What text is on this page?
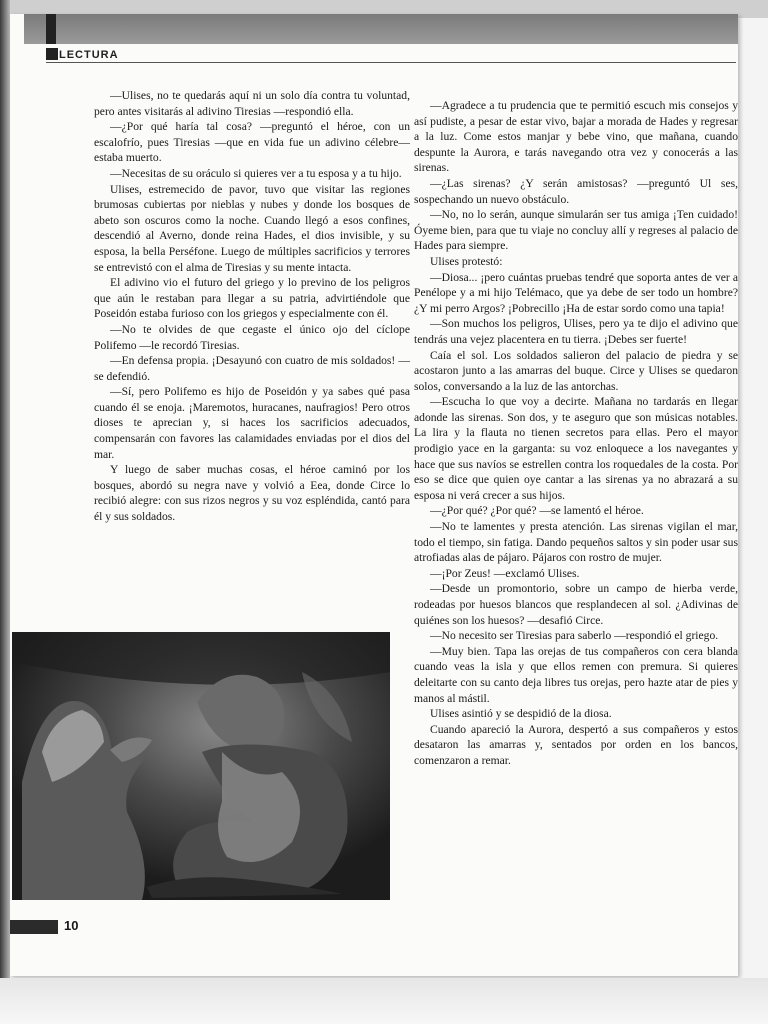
LECTURA

—Ulises, no te quedarás aquí ni un solo día contra tu voluntad, pero antes visitarás al adivino Tiresias —respondió ella.

—¿Por qué haría tal cosa? —preguntó el héroe, con un escalofrío, pues Tiresias —que en vida fue un adivino célebre— estaba muerto.

—Necesitas de su oráculo si quieres ver a tu esposa y a tu hijo.

Ulises, estremecido de pavor, tuvo que visitar las regiones brumosas cubiertas por nieblas y nubes y donde los bosques de abeto son oscuros como la noche. Cuando llegó a esos confines, descendió al Averno, donde reina Hades, el dios invisible, y su esposa, la bella Perséfone. Luego de múltiples sacrificios y terrores se entrevistó con el alma de Tiresias y su mente intacta.

El adivino vio el futuro del griego y lo previno de los peligros que aún le restaban para llegar a su patria, advirtiéndole que Poseidón estaba furioso con los griegos y especialmente con él.

—No te olvides de que cegaste el único ojo del cíclope Polifemo —le recordó Tiresias.

—En defensa propia. ¡Desayunó con cuatro de mis soldados! —se defendió.

—Sí, pero Polifemo es hijo de Poseidón y ya sabes qué pasa cuando él se enoja. ¡Maremotos, huracanes, naufragios! Pero otros dioses te aprecian y, si haces los sacrificios adecuados, compensarán con favores las calamidades enviadas por el dios del mar.

Y luego de saber muchas cosas, el héroe caminó por los bosques, abordó su negra nave y volvió a Eea, donde Circe lo recibió alegre: con sus rizos negros y su voz espléndida, cantó para él y sus soldados.

—Agradece a tu prudencia que te permitió escuch mis consejos y así pudiste, a pesar de estar vivo, bajar a morada de Hades y regresar a la luz. Come estos manjar y bebe vino, que mañana, cuando despunte la Aurora, e tarás navegando otra vez y conocerás a las sirenas.

—¿Las sirenas? ¿Y serán amistosas? —preguntó Ul ses, sospechando un nuevo obstáculo.

—No, no lo serán, aunque simularán ser tus amiga ¡Ten cuidado! Óyeme bien, para que tu viaje no concluy allí y regreses al palacio de Hades para siempre.

Ulises protestó:

—Diosa... ¡pero cuántas pruebas tendré que soporta antes de ver a Penélope y a mi hijo Telémaco, que ya debe de ser todo un hombre? ¿Y mi perro Argos? ¡Pobrecillo ¡Ha de estar sordo como una tapia!

—Son muchos los peligros, Ulises, pero ya te dijo el adivino que tendrás una vejez placentera en tu tierra. ¡Debes ser fuerte!

Caía el sol. Los soldados salieron del palacio de piedra y se acostaron junto a las amarras del buque. Circe y Ulises se quedaron solos, conversando a la luz de las antorchas.

—Escucha lo que voy a decirte. Mañana no tardarás en llegar adonde las sirenas. Son dos, y te aseguro que son músicas notables. La lira y la flauta no tienen secretos para ellas. Pero el mayor prodigio yace en la garganta: su voz enloquece a los navegantes y hace que sus navíos se estrellen contra los roquedales de la costa. Por eso se dice que quien oye cantar a las sirenas ya no abrazará a su esposa ni verá crecer a sus hijos.

—¿Por qué? ¿Por qué? —se lamentó el héroe.

—No te lamentes y presta atención. Las sirenas vigilan el mar, todo el tiempo, sin fatiga. Dando pequeños saltos y sin poder usar sus atrofiadas alas de pájaro. Pájaros con rostro de mujer.

—¡Por Zeus! —exclamó Ulises.

—Desde un promontorio, sobre un campo de hierba verde, rodeadas por huesos blancos que resplandecen al sol. ¿Adivinas de quiénes son los huesos? —desafió Circe.

—No necesito ser Tiresias para saberlo —respondió el griego.

—Muy bien. Tapa las orejas de tus compañeros con cera blanda cuando veas la isla y que ellos remen con premura. Si quieres deleitarte con su canto deja libres tus orejas, pero hazte atar de pies y manos al mástil.

Ulises asintió y se despidió de la diosa.

Cuando apareció la Aurora, despertó a sus compañeros y estos desataron las amarras y, sentados por orden en los bancos, comenzaron a remar.

10
